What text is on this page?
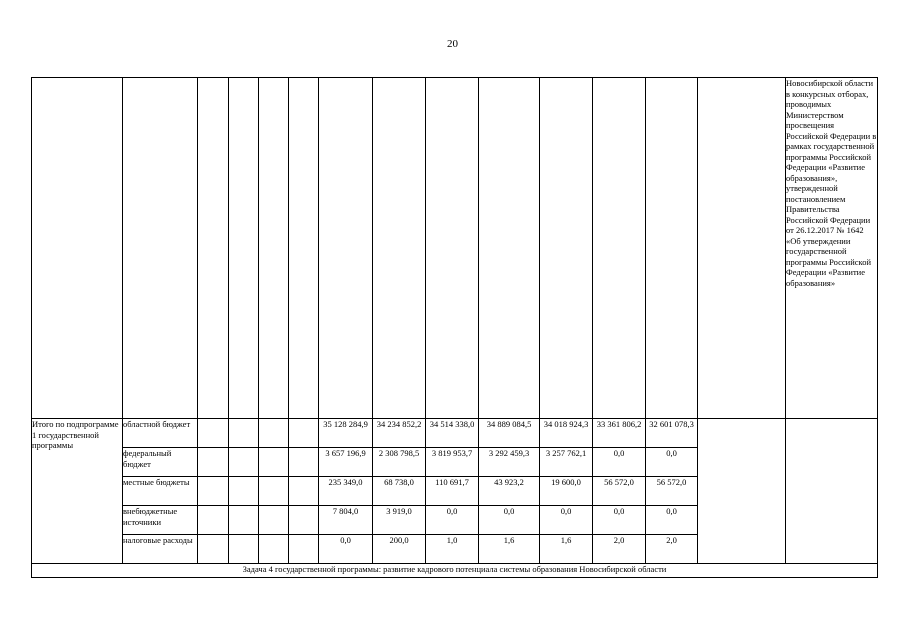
20
														Новосибирской области в конкурсных отборах, проводимых Министерством просвещения Российской Федерации в рамках государственной программы Российской Федерации «Развитие образования», утвержденной постановлением Правительства Российской Федерации от 26.12.2017 № 1642 «Об утверждении государственной программы Российской Федерации «Развитие образования»
Итого по подпрограмме 1 государственной программы	областной бюджет					35 128 284,9	34 234 852,2	34 514 338,0	34 889 084,5	34 018 924,3	33 361 806,2	32 601 078,3		
	федеральный бюджет					3 657 196,9	2 308 798,5	3 819 953,7	3 292 459,3	3 257 762,1	0,0	0,0		
	местные бюджеты					235 349,0	68 738,0	110 691,7	43 923,2	19 600,0	56 572,0	56 572,0		
	внебюджетные источники					7 804,0	3 919,0	0,0	0,0	0,0	0,0	0,0		
	налоговые расходы					0,0	200,0	1,0	1,6	1,6	2,0	2,0		
Задача 4 государственной программы: развитие кадрового потенциала системы образования Новосибирской области														
